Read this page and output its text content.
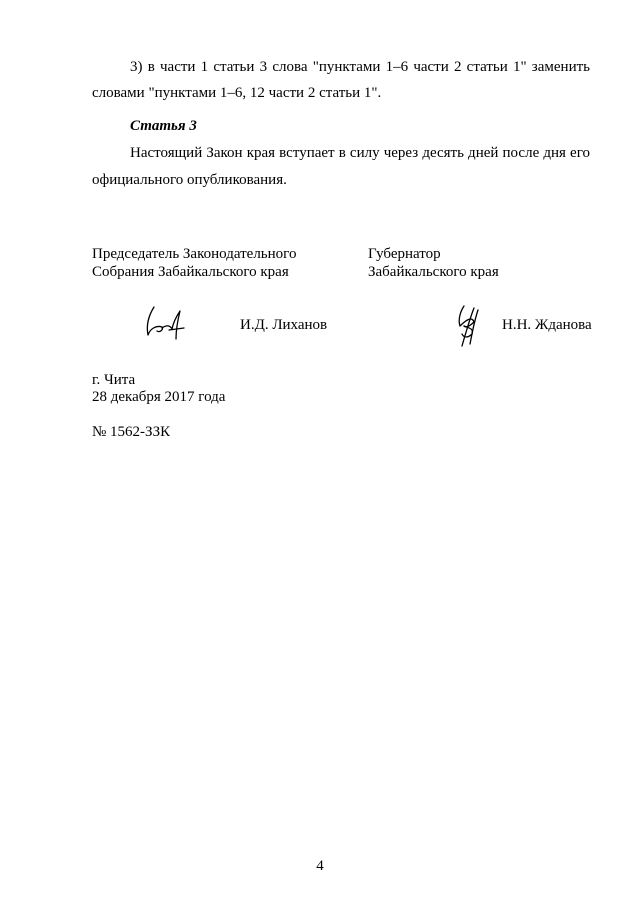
3) в части 1 статьи 3 слова "пунктами 1–6 части 2 статьи 1" заменить
словами "пунктами 1–6, 12 части 2 статьи 1".
Статья 3
Настоящий Закон края вступает в силу через десять дней после дня его
официального опубликования.
Председатель Законодательного
Собрания Забайкальского края
Губернатор
Забайкальского края
И.Д. Лиханов	Н.Н. Жданова
г. Чита
28 декабря 2017 года
№ 1562-ЗЗК
4
